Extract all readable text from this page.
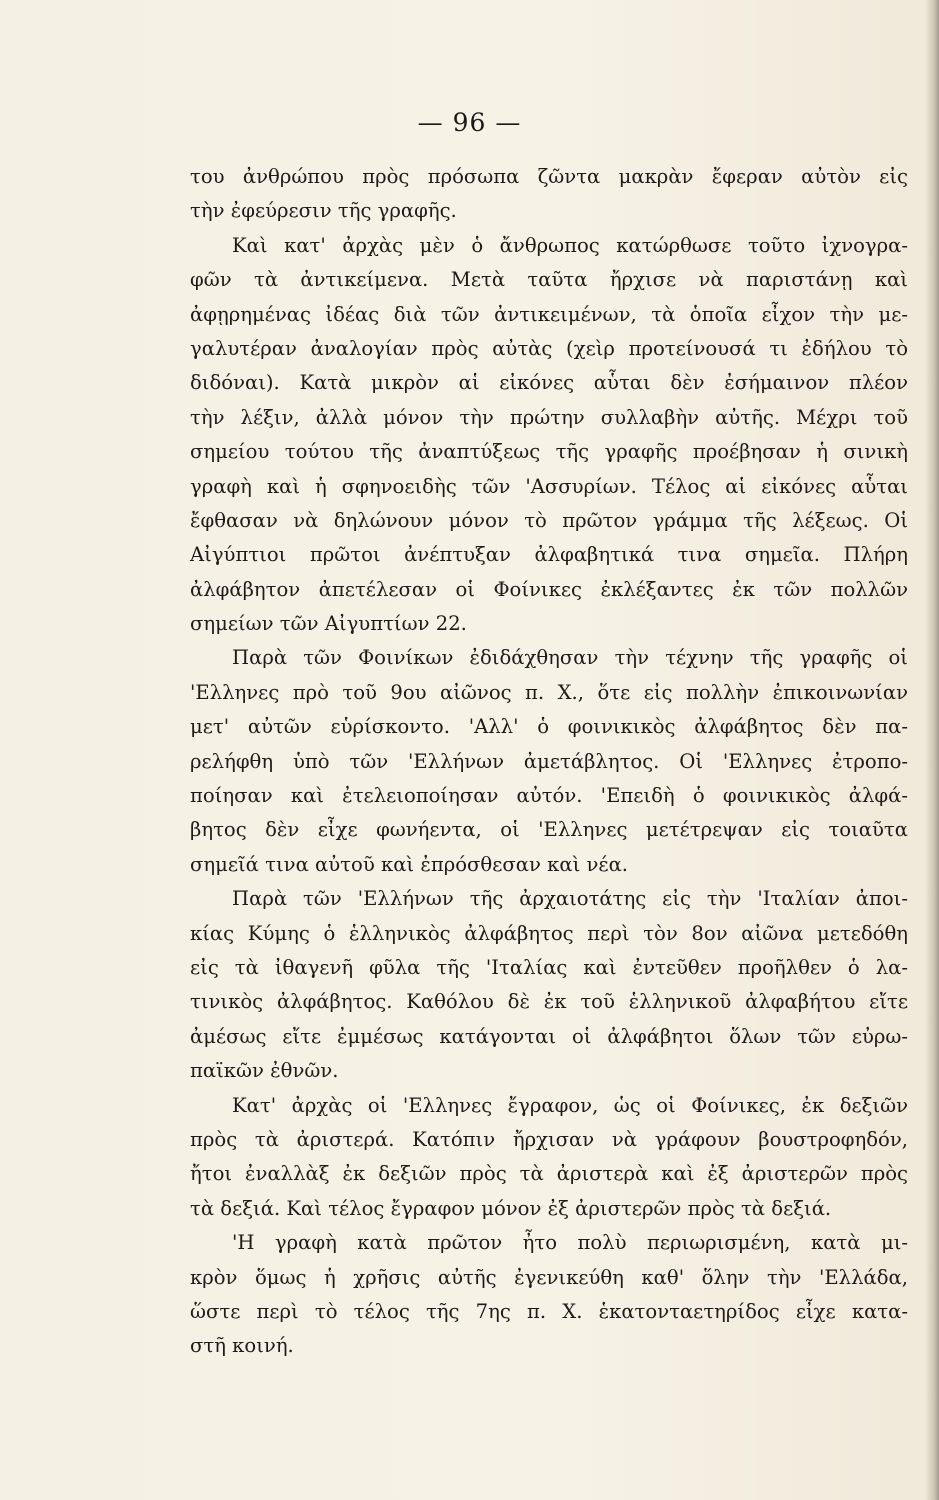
— 96 —
του ἀνθρώπου πρὸς πρόσωπα ζῶντα μακρὰν ἔφεραν αὐτὸν εἰς
τὴν ἐφεύρεσιν τῆς γραφῆς.
Καὶ κατ' ἀρχὰς μὲν ὁ ἄνθρωπος κατώρθωσε τοῦτο ἰχνογρα-
φῶν τὰ ἀντικείμενα. Μετὰ ταῦτα ἤρχισε νὰ παριστάνῃ καὶ
ἀφῃρημένας ἰδέας διὰ τῶν ἀντικειμένων, τὰ ὁποῖα εἶχον τὴν με-
γαλυτέραν ἀναλογίαν πρὸς αὐτὰς (χεὶρ προτείνουσά τι ἐδήλου τὸ
διδόναι). Κατὰ μικρὸν αἱ εἰκόνες αὗται δὲν ἐσήμαινον πλέον
τὴν λέξιν, ἀλλὰ μόνον τὴν πρώτην συλλαβὴν αὐτῆς. Μέχρι τοῦ
σημείου τούτου τῆς ἀναπτύξεως τῆς γραφῆς προέβησαν ἡ σινικὴ
γραφὴ καὶ ἡ σφηνοειδὴς τῶν 'Ασσυρίων. Τέλος αἱ εἰκόνες αὗται
ἔφθασαν νὰ δηλώνουν μόνον τὸ πρῶτον γράμμα τῆς λέξεως. Οἱ
Αἰγύπτιοι πρῶτοι ἀνέπτυξαν ἀλφαβητικά τινα σημεῖα. Πλήρη
ἀλφάβητον ἀπετέλεσαν οἱ Φοίνικες ἐκλέξαντες ἐκ τῶν πολλῶν
σημείων τῶν Αἰγυπτίων 22.
Παρὰ τῶν Φοινίκων ἐδιδάχθησαν τὴν τέχνην τῆς γραφῆς οἱ
'Ελληνες πρὸ τοῦ 9ου αἰῶνος π. Χ., ὅτε εἰς πολλὴν ἐπικοινωνίαν
μετ' αὐτῶν εὑρίσκοντο. 'Αλλ' ὁ φοινικικὸς ἀλφάβητος δὲν πα-
ρελήφθη ὑπὸ τῶν 'Ελλήνων ἀμετάβλητος. Οἱ 'Ελληνες ἐτροπο-
ποίησαν καὶ ἐτελειοποίησαν αὐτόν. 'Επειδὴ ὁ φοινικικὸς ἀλφά-
βητος δὲν εἶχε φωνήεντα, οἱ 'Ελληνες μετέτρεψαν εἰς τοιαῦτα
σημεῖά τινα αὐτοῦ καὶ ἐπρόσθεσαν καὶ νέα.
Παρὰ τῶν 'Ελλήνων τῆς ἀρχαιοτάτης εἰς τὴν 'Ιταλίαν ἀποι-
κίας Κύμης ὁ ἑλληνικὸς ἀλφάβητος περὶ τὸν 8ον αἰῶνα μετεδόθη
εἰς τὰ ἰθαγενῆ φῦλα τῆς 'Ιταλίας καὶ ἐντεῦθεν προῆλθεν ὁ λα-
τινικὸς ἀλφάβητος. Καθόλου δὲ ἐκ τοῦ ἑλληνικοῦ ἀλφαβήτου εἴτε
ἀμέσως εἴτε ἐμμέσως κατάγονται οἱ ἀλφάβητοι ὅλων τῶν εὐρω-
παϊκῶν ἐθνῶν.
Κατ' ἀρχὰς οἱ 'Ελληνες ἔγραφον, ὡς οἱ Φοίνικες, ἐκ δεξιῶν
πρὸς τὰ ἀριστερά. Κατόπιν ἤρχισαν νὰ γράφουν βουστροφηδόν,
ἤτοι ἐναλλὰξ ἐκ δεξιῶν πρὸς τὰ ἀριστερὰ καὶ ἐξ ἀριστερῶν πρὸς
τὰ δεξιά. Καὶ τέλος ἔγραφον μόνον ἐξ ἀριστερῶν πρὸς τὰ δεξιά.
'Η γραφὴ κατὰ πρῶτον ἦτο πολὺ περιωρισμένη, κατὰ μι-
κρὸν ὅμως ἡ χρῆσις αὐτῆς ἐγενικεύθη καθ' ὅλην τὴν 'Ελλάδα,
ὥστε περὶ τὸ τέλος τῆς 7ης π. Χ. ἑκατονταετηρίδος εἶχε κατα-
στῆ κοινή.
